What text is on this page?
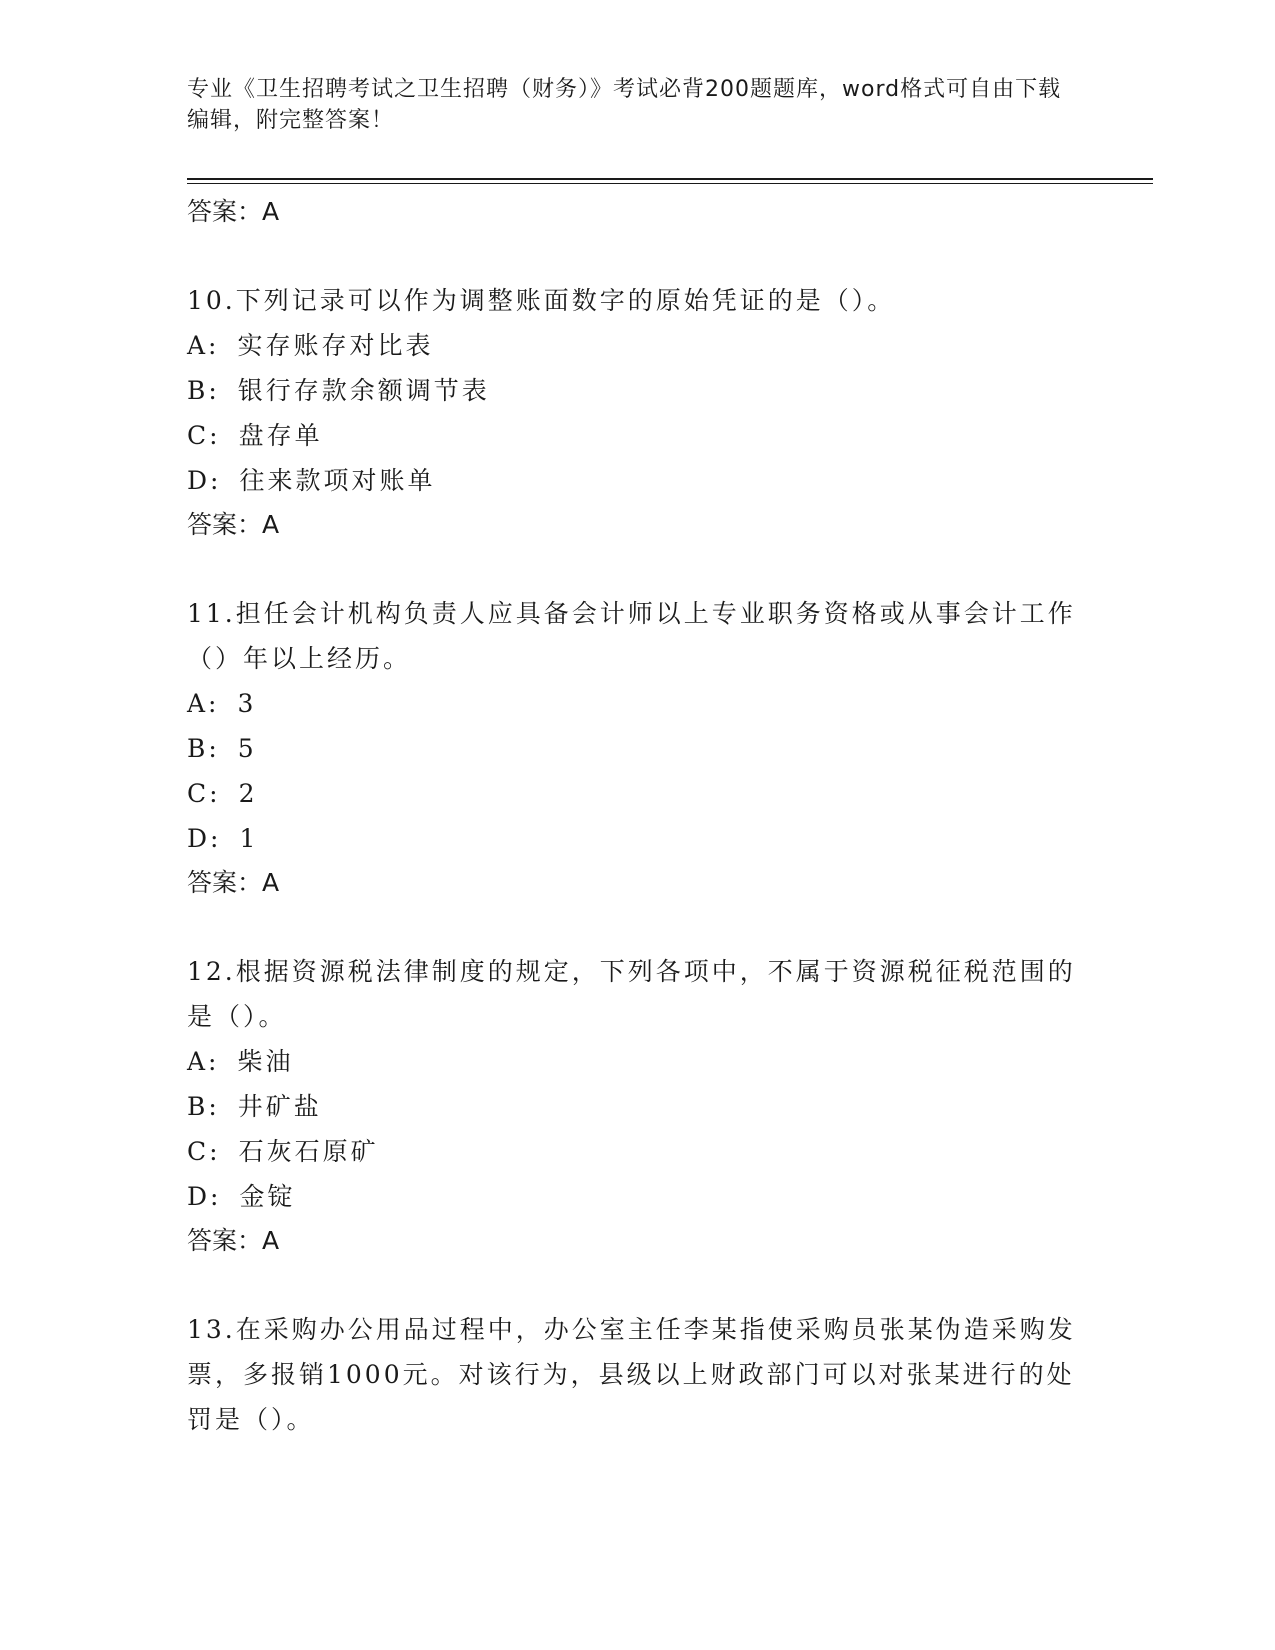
专业《卫生招聘考试之卫生招聘（财务）》考试必背200题题库，word格式可自由下载编辑，附完整答案！
答案：A
10.下列记录可以作为调整账面数字的原始凭证的是（）。
A: 实存账存对比表
B: 银行存款余额调节表
C: 盘存单
D: 往来款项对账单
答案：A
11.担任会计机构负责人应具备会计师以上专业职务资格或从事会计工作（）年以上经历。
A: 3
B: 5
C: 2
D: 1
答案：A
12.根据资源税法律制度的规定，下列各项中，不属于资源税征税范围的是（）。
A: 柴油
B: 井矿盐
C: 石灰石原矿
D: 金锭
答案：A
13.在采购办公用品过程中，办公室主任李某指使采购员张某伪造采购发票，多报销1000元。对该行为，县级以上财政部门可以对张某进行的处罚是（）。
